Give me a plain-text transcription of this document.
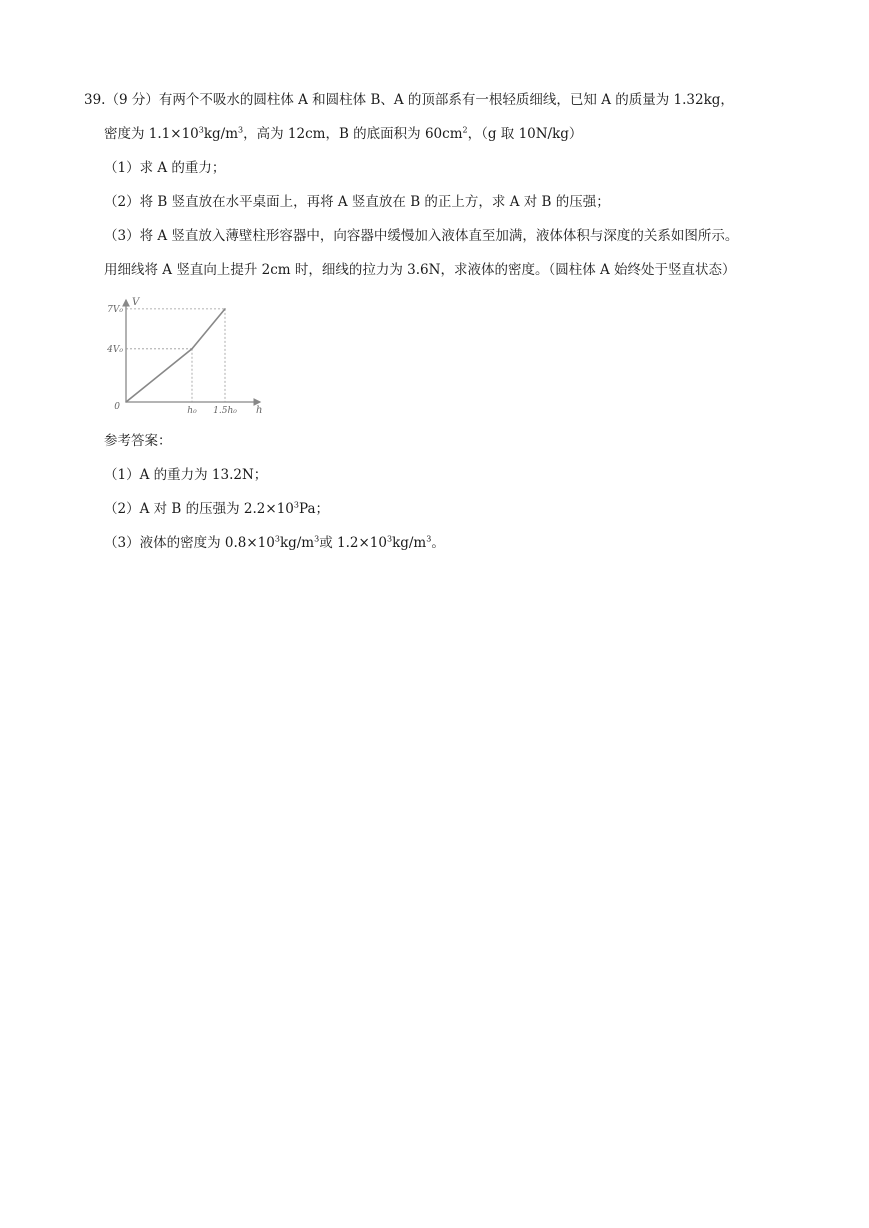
39.（9 分）有两个不吸水的圆柱体 A 和圆柱体 B、A 的顶部系有一根轻质细线，已知 A 的质量为 1.32kg，
密度为 $1.1\times 10^3kg/m^3$，高为 12cm，B 的底面积为 $60cm^2$，（g 取 10N/kg）
（1）求 A 的重力；
（2）将 B 竖直放在水平桌面上，再将 A 竖直放在 B 的正上方，求 A 对 B 的压强；
（3）将 A 竖直放入薄壁柱形容器中，向容器中缓慢加入液体直至加满，液体体积与深度的关系如图所示。
用细线将 A 竖直向上提升 2cm 时，细线的拉力为 3.6N，求液体的密度。（圆柱体 A 始终处于竖直状态）
0
4V₀
7V₀
h₀ 1.5h₀
V
h
参考答案：
（1）A 的重力为 13.2N；
（2）A 对 B 的压强为 $2.2\times 10^3Pa$；
（3）液体的密度为 $0.8\times 10^3kg/m^3$或 $1.2\times 10^3kg/m^3$。
